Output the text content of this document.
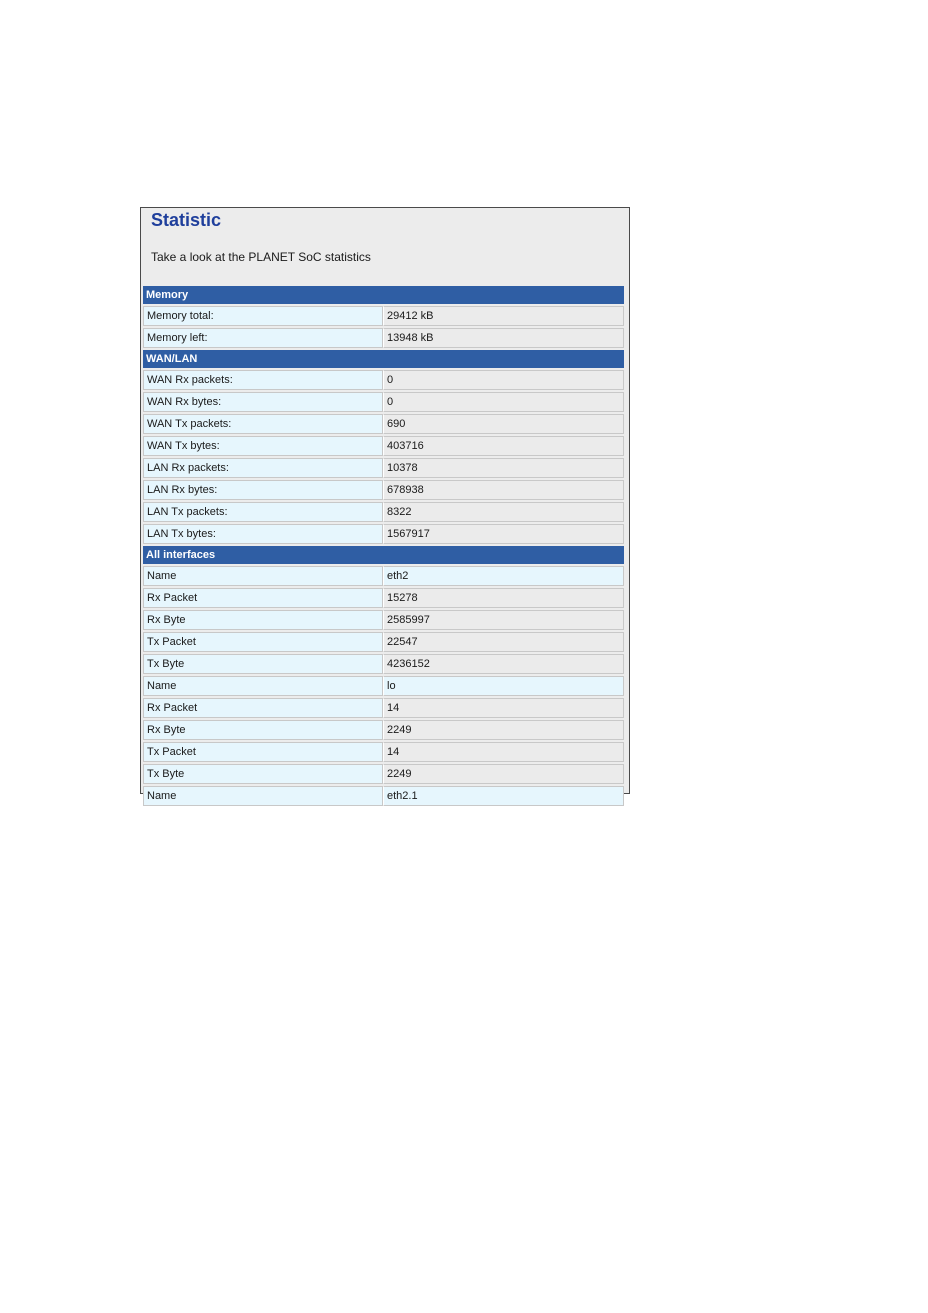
Statistic
Take a look at the PLANET SoC statistics
Memory	
Memory total:	29412 kB
Memory left:	13948 kB
WAN/LAN	
WAN Rx packets:	0
WAN Rx bytes:	0
WAN Tx packets:	690
WAN Tx bytes:	403716
LAN Rx packets:	10378
LAN Rx bytes:	678938
LAN Tx packets:	8322
LAN Tx bytes:	1567917
All interfaces	
Name	eth2
Rx Packet	15278
Rx Byte	2585997
Tx Packet	22547
Tx Byte	4236152
Name	lo
Rx Packet	14
Rx Byte	2249
Tx Packet	14
Tx Byte	2249
Name	eth2.1
